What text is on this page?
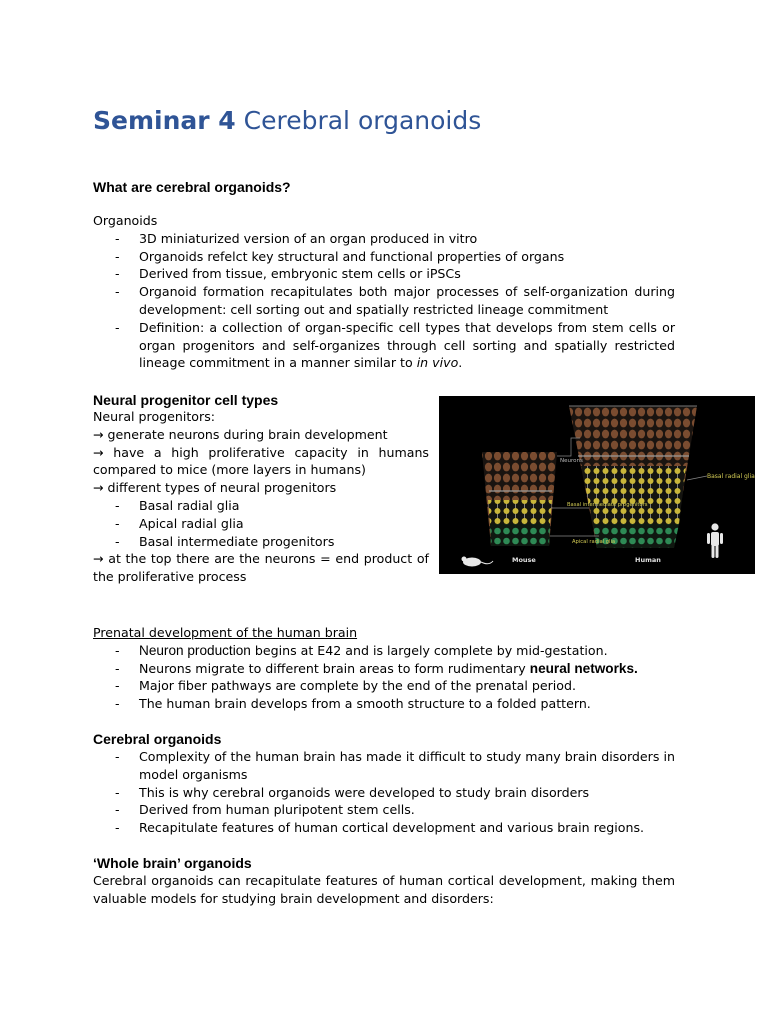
Seminar 4 Cerebral organoids

What are cerebral organoids?

Organoids

- 3D miniaturized version of an organ produced in vitro
- Organoids refelct key structural and functional properties of organs
- Derived from tissue, embryonic stem cells or iPSCs
- Organoid formation recapitulates both major processes of self-organization during development: cell sorting out and spatially restricted lineage commitment
- Definition: a collection of organ-specific cell types that develops from stem cells or organ progenitors and self-organizes through cell sorting and spatially restricted lineage commitment in a manner similar to in vivo.

Neural progenitor cell types

Neural progenitors:

→ generate neurons during brain development

→ have a high proliferative capacity in humans compared to mice (more layers in humans)

→ different types of neural progenitors

- Basal radial glia
- Apical radial glia
- Basal intermediate progenitors

→ at the top there are the neurons = end product of the proliferative process

Neurons
Basal intermediate progenitors
Apical radial glia
Basal radial glia
Mouse	Human

Prenatal development of the human brain

- Neuron production begins at E42 and is largely complete by mid-gestation.
- Neurons migrate to different brain areas to form rudimentary neural networks.
- Major fiber pathways are complete by the end of the prenatal period.
- The human brain develops from a smooth structure to a folded pattern.

Cerebral organoids

- Complexity of the human brain has made it difficult to study many brain disorders in model organisms
- This is why cerebral organoids were developed to study brain disorders
- Derived from human pluripotent stem cells.
- Recapitulate features of human cortical development and various brain regions.

‘Whole brain’ organoids

Cerebral organoids can recapitulate features of human cortical development, making them valuable models for studying brain development and disorders:
